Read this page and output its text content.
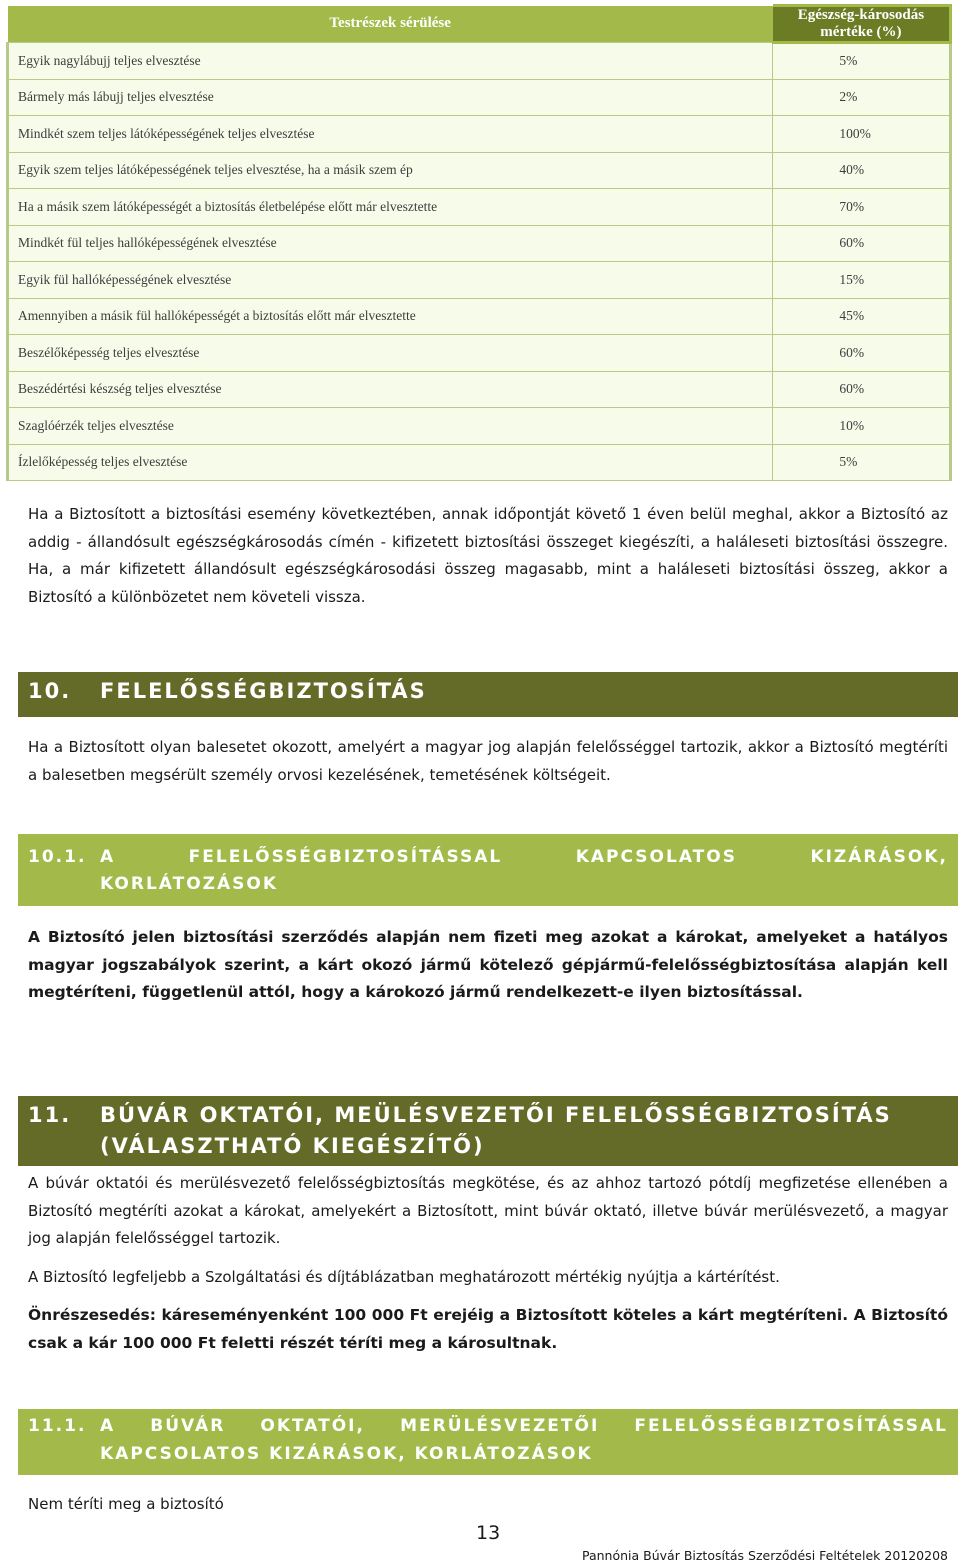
Testrészek sérülése	Egészség-károsodás mértéke (%)
Egyik nagylábujj teljes elvesztése	5%
Bármely más lábujj teljes elvesztése	2%
Mindkét szem teljes látóképességének teljes elvesztése	100%
Egyik szem teljes látóképességének teljes elvesztése, ha a másik szem ép	40%
Ha a másik szem látóképességét a biztosítás életbelépése előtt már elvesztette	70%
Mindkét fül teljes hallóképességének elvesztése	60%
Egyik fül hallóképességének elvesztése	15%
Amennyiben a másik fül hallóképességét a biztosítás előtt már elvesztette	45%
Beszélőképesség teljes elvesztése	60%
Beszédértési készség teljes elvesztése	60%
Szaglóérzék teljes elvesztése	10%
Ízlelőképesség teljes elvesztése	5%

Ha a Biztosított a biztosítási esemény következtében, annak időpontját követő 1 éven belül meghal, akkor a Biztosító az addig - állandósult egészségkárosodás címén - kifizetett biztosítási összeget kiegészíti, a haláleseti biztosítási összegre. Ha, a már kifizetett állandósult egészségkárosodási összeg magasabb, mint a haláleseti biztosítási összeg, akkor a Biztosító a különbözetet nem követeli vissza.

10. FELELŐSSÉGBIZTOSÍTÁS

Ha a Biztosított olyan balesetet okozott, amelyért a magyar jog alapján felelősséggel tartozik, akkor a Biztosító megtéríti a balesetben megsérült személy orvosi kezelésének, temetésének költségeit.

10.1. A FELELŐSSÉGBIZTOSÍTÁSSAL KAPCSOLATOS KIZÁRÁSOK,
KORLÁTOZÁSOK

A Biztosító jelen biztosítási szerződés alapján nem fizeti meg azokat a károkat, amelyeket a hatályos magyar jogszabályok szerint, a kárt okozó jármű kötelező gépjármű-felelősségbiztosítása alapján kell megtéríteni, függetlenül attól, hogy a károkozó jármű rendelkezett-e ilyen biztosítással.

11. BÚVÁR OKTATÓI, MEÜLÉSVEZETŐI FELELŐSSÉGBIZTOSÍTÁS
(VÁLASZTHATÓ KIEGÉSZÍTŐ)

A búvár oktatói és merülésvezető felelősségbiztosítás megkötése, és az ahhoz tartozó pótdíj megfizetése ellenében a Biztosító megtéríti azokat a károkat, amelyekért a Biztosított, mint búvár oktató, illetve búvár merülésvezető, a magyar jog alapján felelősséggel tartozik.

A Biztosító legfeljebb a Szolgáltatási és díjtáblázatban meghatározott mértékig nyújtja a kártérítést.

Önrészesedés: káreseményenként 100 000 Ft erejéig a Biztosított köteles a kárt megtéríteni. A Biztosító csak a kár 100 000 Ft feletti részét téríti meg a károsultnak.

11.1. A BÚVÁR OKTATÓI, MERÜLÉSVEZETŐI FELELŐSSÉGBIZTOSÍTÁSSAL
KAPCSOLATOS KIZÁRÁSOK, KORLÁTOZÁSOK

Nem téríti meg a biztosító

13
Pannónia Búvár Biztosítás Szerződési Feltételek 20120208
